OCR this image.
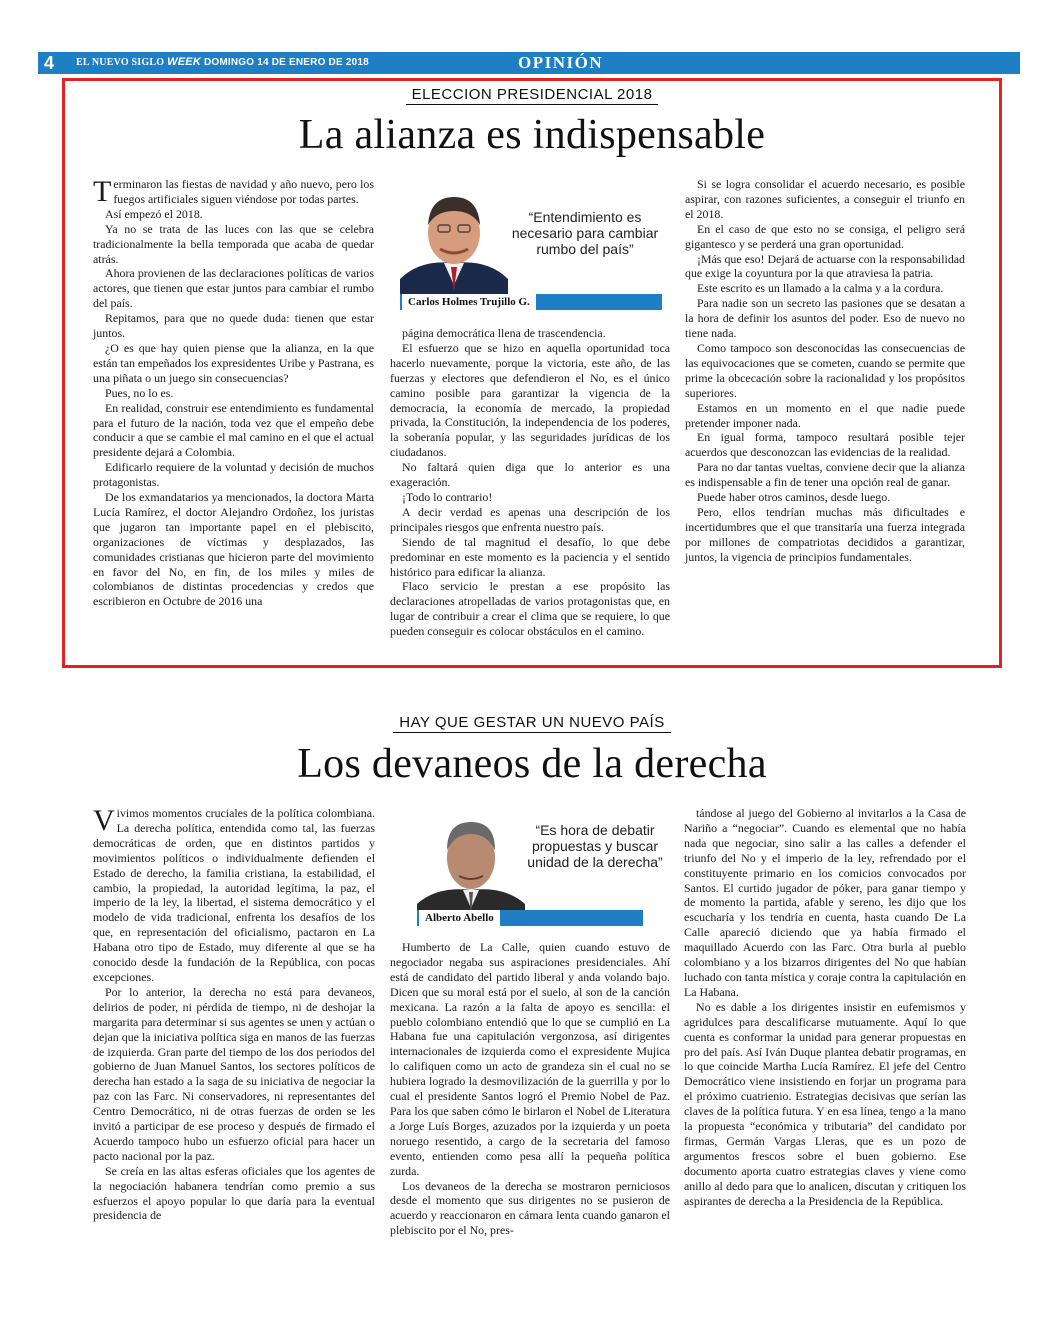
4	EL NUEVO SIGLO WEEK DOMINGO 14 DE ENERO DE 2018	OPINIÓN
ELECCION PRESIDENCIAL 2018
La alianza es indispensable

Terminaron las fiestas de navidad y año nuevo, pero los fuegos artificiales siguen viéndose por todas partes.

Así empezó el 2018.

Ya no se trata de las luces con las que se celebra tradicionalmente la bella temporada que acaba de quedar atrás.

Ahora provienen de las declaraciones políticas de varios actores, que tienen que estar juntos para cambiar el rumbo del país.

Repitamos, para que no quede duda: tienen que estar juntos.

¿O es que hay quien piense que la alianza, en la que están tan empeñados los expresidentes Uribe y Pastrana, es una piñata o un juego sin consecuencias?

Pues, no lo es.

En realidad, construir ese entendimiento es fundamental para el futuro de la nación, toda vez que el empeño debe conducir a que se cambie el mal camino en el que el actual presidente dejará a Colombia.

Edificarlo requiere de la voluntad y decisión de muchos protagonistas.

De los exmandatarios ya mencionados, la doctora Marta Lucía Ramírez, el doctor Alejandro Ordoñez, los juristas que jugaron tan importante papel en el plebiscito, organizaciones de víctimas y desplazados, las comunidades cristianas que hicieron parte del movimiento en favor del No, en fin, de los miles y miles de colombianos de distintas procedencias y credos que escribieron en Octubre de 2016 una

“Entendimiento es necesario para cambiar rumbo del país”
Carlos Holmes Trujillo G.

página democrática llena de trascendencia.

El esfuerzo que se hizo en aquella oportunidad toca hacerlo nuevamente, porque la victoria, este año, de las fuerzas y electores que defendieron el No, es el único camino posible para garantizar la vigencia de la democracia, la economía de mercado, la propiedad privada, la Constitución, la independencia de los poderes, la soberanía popular, y las seguridades jurídicas de los ciudadanos.

No faltará quien diga que lo anterior es una exageración.

¡Todo lo contrario!

A decir verdad es apenas una descripción de los principales riesgos que enfrenta nuestro país.

Siendo de tal magnitud el desafío, lo que debe predominar en este momento es la paciencia y el sentido histórico para edificar la alianza.

Flaco servicio le prestan a ese propósito las declaraciones atropelladas de varios protagonistas que, en lugar de contribuir a crear el clima que se requiere, lo que pueden conseguir es colocar obstáculos en el camino.

Si se logra consolidar el acuerdo necesario, es posible aspirar, con razones suficientes, a conseguir el triunfo en el 2018.

En el caso de que esto no se consiga, el peligro será gigantesco y se perderá una gran oportunidad.

¡Más que eso! Dejará de actuarse con la responsabilidad que exige la coyuntura por la que atraviesa la patria.

Este escrito es un llamado a la calma y a la cordura.

Para nadie son un secreto las pasiones que se desatan a la hora de definir los asuntos del poder. Eso de nuevo no tiene nada.

Como tampoco son desconocidas las consecuencias de las equivocaciones que se cometen, cuando se permite que prime la obcecación sobre la racionalidad y los propósitos superiores.

Estamos en un momento en el que nadie puede pretender imponer nada.

En igual forma, tampoco resultará posible tejer acuerdos que desconozcan las evidencias de la realidad.

Para no dar tantas vueltas, conviene decir que la alianza es indispensable a fin de tener una opción real de ganar.

Puede haber otros caminos, desde luego.

Pero, ellos tendrían muchas más dificultades e incertidumbres que el que transitaría una fuerza integrada por millones de compatriotas decididos a garantizar, juntos, la vigencia de principios fundamentales.

HAY QUE GESTAR UN NUEVO PAÍS
Los devaneos de la derecha

Vivimos momentos cruciales de la política colombiana. La derecha política, entendida como tal, las fuerzas democráticas de orden, que en distintos partidos y movimientos políticos o individualmente defienden el Estado de derecho, la familia cristiana, la estabilidad, el cambio, la propiedad, la autoridad legítima, la paz, el imperio de la ley, la libertad, el sistema democrático y el modelo de vida tradicional, enfrenta los desafíos de los que, en representación del oficialismo, pactaron en La Habana otro tipo de Estado, muy diferente al que se ha conocido desde la fundación de la República, con pocas excepciones.

Por lo anterior, la derecha no está para devaneos, delirios de poder, ni pérdida de tiempo, ni de deshojar la margarita para determinar si sus agentes se unen y actúan o dejan que la iniciativa política siga en manos de las fuerzas de izquierda. Gran parte del tiempo de los dos periodos del gobierno de Juan Manuel Santos, los sectores políticos de derecha han estado a la saga de su iniciativa de negociar la paz con las Farc. Ni conservadores, ni representantes del Centro Democrático, ni de otras fuerzas de orden se les invitó a participar de ese proceso y después de firmado el Acuerdo tampoco hubo un esfuerzo oficial para hacer un pacto nacional por la paz.

Se creía en las altas esferas oficiales que los agentes de la negociación habanera tendrían como premio a sus esfuerzos el apoyo popular lo que daría para la eventual presidencia de

“Es hora de debatir propuestas y buscar unidad de la derecha”
Alberto Abello

Humberto de La Calle, quien cuando estuvo de negociador negaba sus aspiraciones presidenciales. Ahí está de candidato del partido liberal y anda volando bajo. Dicen que su moral está por el suelo, al son de la canción mexicana. La razón a la falta de apoyo es sencilla: el pueblo colombiano entendió que lo que se cumplió en La Habana fue una capitulación vergonzosa, así dirigentes internacionales de izquierda como el expresidente Mujica lo califiquen como un acto de grandeza sin el cual no se hubiera logrado la desmovilización de la guerrilla y por lo cual el presidente Santos logró el Premio Nobel de Paz. Para los que saben cómo le birlaron el Nobel de Literatura a Jorge Luís Borges, azuzados por la izquierda y un poeta noruego resentido, a cargo de la secretaria del famoso evento, entienden como pesa allí la pequeña política zurda.

Los devaneos de la derecha se mostraron perniciosos desde el momento que sus dirigentes no se pusieron de acuerdo y reaccionaron en cámara lenta cuando ganaron el plebiscito por el No, pres-

tándose al juego del Gobierno al invitarlos a la Casa de Nariño a “negociar”. Cuando es elemental que no había nada que negociar, sino salir a las calles a defender el triunfo del No y el imperio de la ley, refrendado por el constituyente primario en los comicios convocados por Santos. El curtido jugador de póker, para ganar tiempo y de momento la partida, afable y sereno, les dijo que los escucharía y los tendría en cuenta, hasta cuando De La Calle apareció diciendo que ya había firmado el maquillado Acuerdo con las Farc. Otra burla al pueblo colombiano y a los bizarros dirigentes del No que habían luchado con tanta mística y coraje contra la capitulación en La Habana.

No es dable a los dirigentes insistir en eufemismos y agridulces para descalificarse mutuamente. Aquí lo que cuenta es conformar la unidad para generar propuestas en pro del país. Así Iván Duque plantea debatir programas, en lo que coincide Martha Lucía Ramírez. El jefe del Centro Democrático viene insistiendo en forjar un programa para el próximo cuatrienio. Estrategias decisivas que serían las claves de la política futura. Y en esa línea, tengo a la mano la propuesta “económica y tributaria” del candidato por firmas, Germán Vargas Lleras, que es un pozo de argumentos frescos sobre el buen gobierno. Ese documento aporta cuatro estrategias claves y viene como anillo al dedo para que lo analicen, discutan y critiquen los aspirantes de derecha a la Presidencia de la República.
